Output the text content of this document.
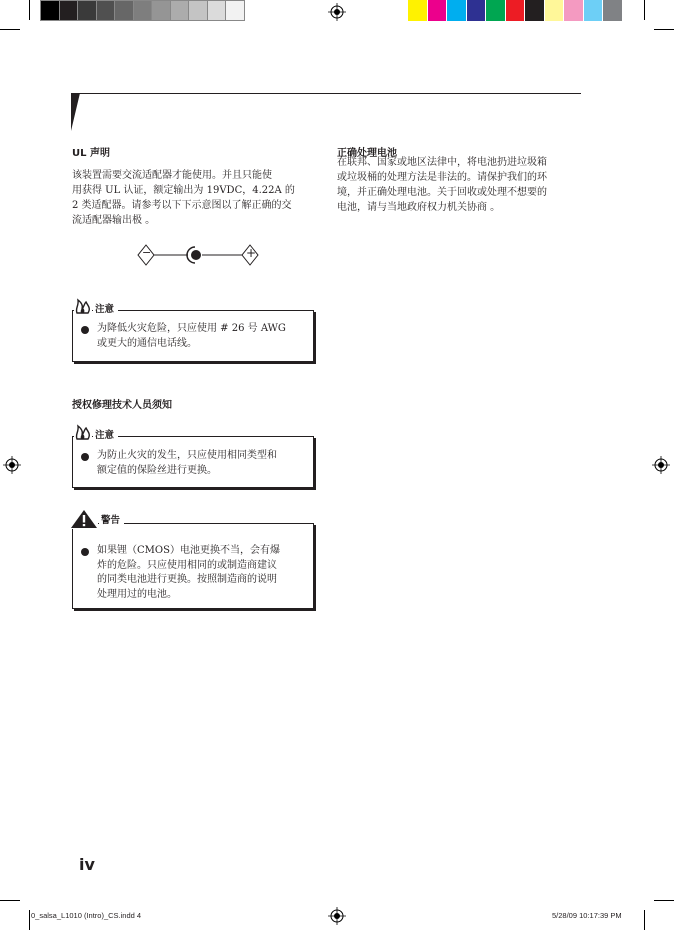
UL 声明
该装置需要交流适配器才能使用。并且只能使
用获得 UL 认证，额定输出为 19VDC，4.22A 的
2 类适配器。请参考以下下示意图以了解正确的交
流适配器输出极 。
−	+
注意
为降低火灾危险，只应使用 # 26 号 AWG
或更大的通信电话线。
授权修理技术人员须知
注意
为防止火灾的发生，只应使用相同类型和
额定值的保险丝进行更换。
警告
如果锂（CMOS）电池更换不当，会有爆
炸的危险。只应使用相同的或制造商建议
的同类电池进行更换。按照制造商的说明
处理用过的电池。
正确处理电池
在联邦、国家或地区法律中，将电池扔进垃圾箱
或垃圾桶的处理方法是非法的。请保护我们的环
境，并正确处理电池。关于回收或处理不想要的
电池，请与当地政府权力机关协商 。
iv
0_salsa_L1010 (Intro)_CS.indd 4	5/28/09 10:17:39 PM
